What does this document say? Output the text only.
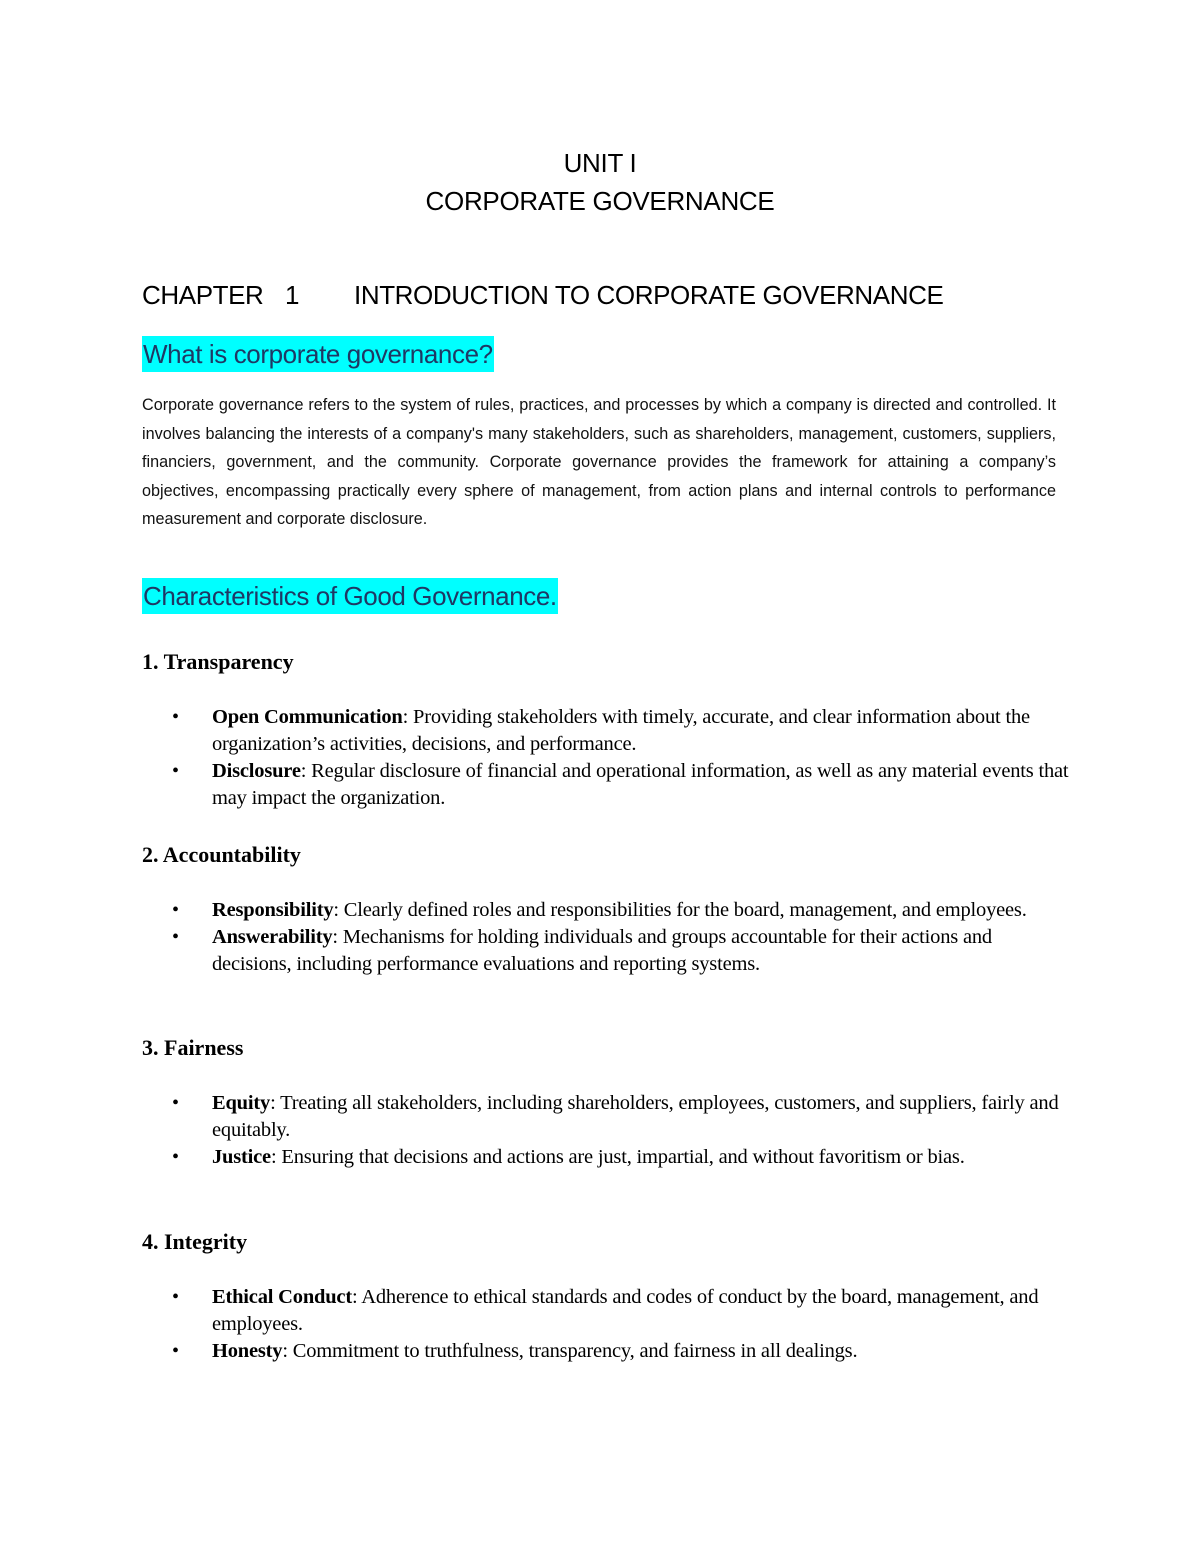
UNIT I
CORPORATE GOVERNANCE
CHAPTER 1 INTRODUCTION TO CORPORATE GOVERNANCE
What is corporate governance?

Corporate governance refers to the system of rules, practices, and processes by which a company is directed and controlled. It involves balancing the interests of a company's many stakeholders, such as shareholders, management, customers, suppliers, financiers, government, and the community. Corporate governance provides the framework for attaining a company’s objectives, encompassing practically every sphere of management, from action plans and internal controls to performance measurement and corporate disclosure.

Characteristics of Good Governance.
1. Transparency
• Open Communication: Providing stakeholders with timely, accurate, and clear information about the organization’s activities, decisions, and performance.
• Disclosure: Regular disclosure of financial and operational information, as well as any material events that may impact the organization.
2. Accountability
• Responsibility: Clearly defined roles and responsibilities for the board, management, and employees.
• Answerability: Mechanisms for holding individuals and groups accountable for their actions and decisions, including performance evaluations and reporting systems.
3. Fairness
• Equity: Treating all stakeholders, including shareholders, employees, customers, and suppliers, fairly and equitably.
• Justice: Ensuring that decisions and actions are just, impartial, and without favoritism or bias.
4. Integrity
• Ethical Conduct: Adherence to ethical standards and codes of conduct by the board, management, and employees.
• Honesty: Commitment to truthfulness, transparency, and fairness in all dealings.
